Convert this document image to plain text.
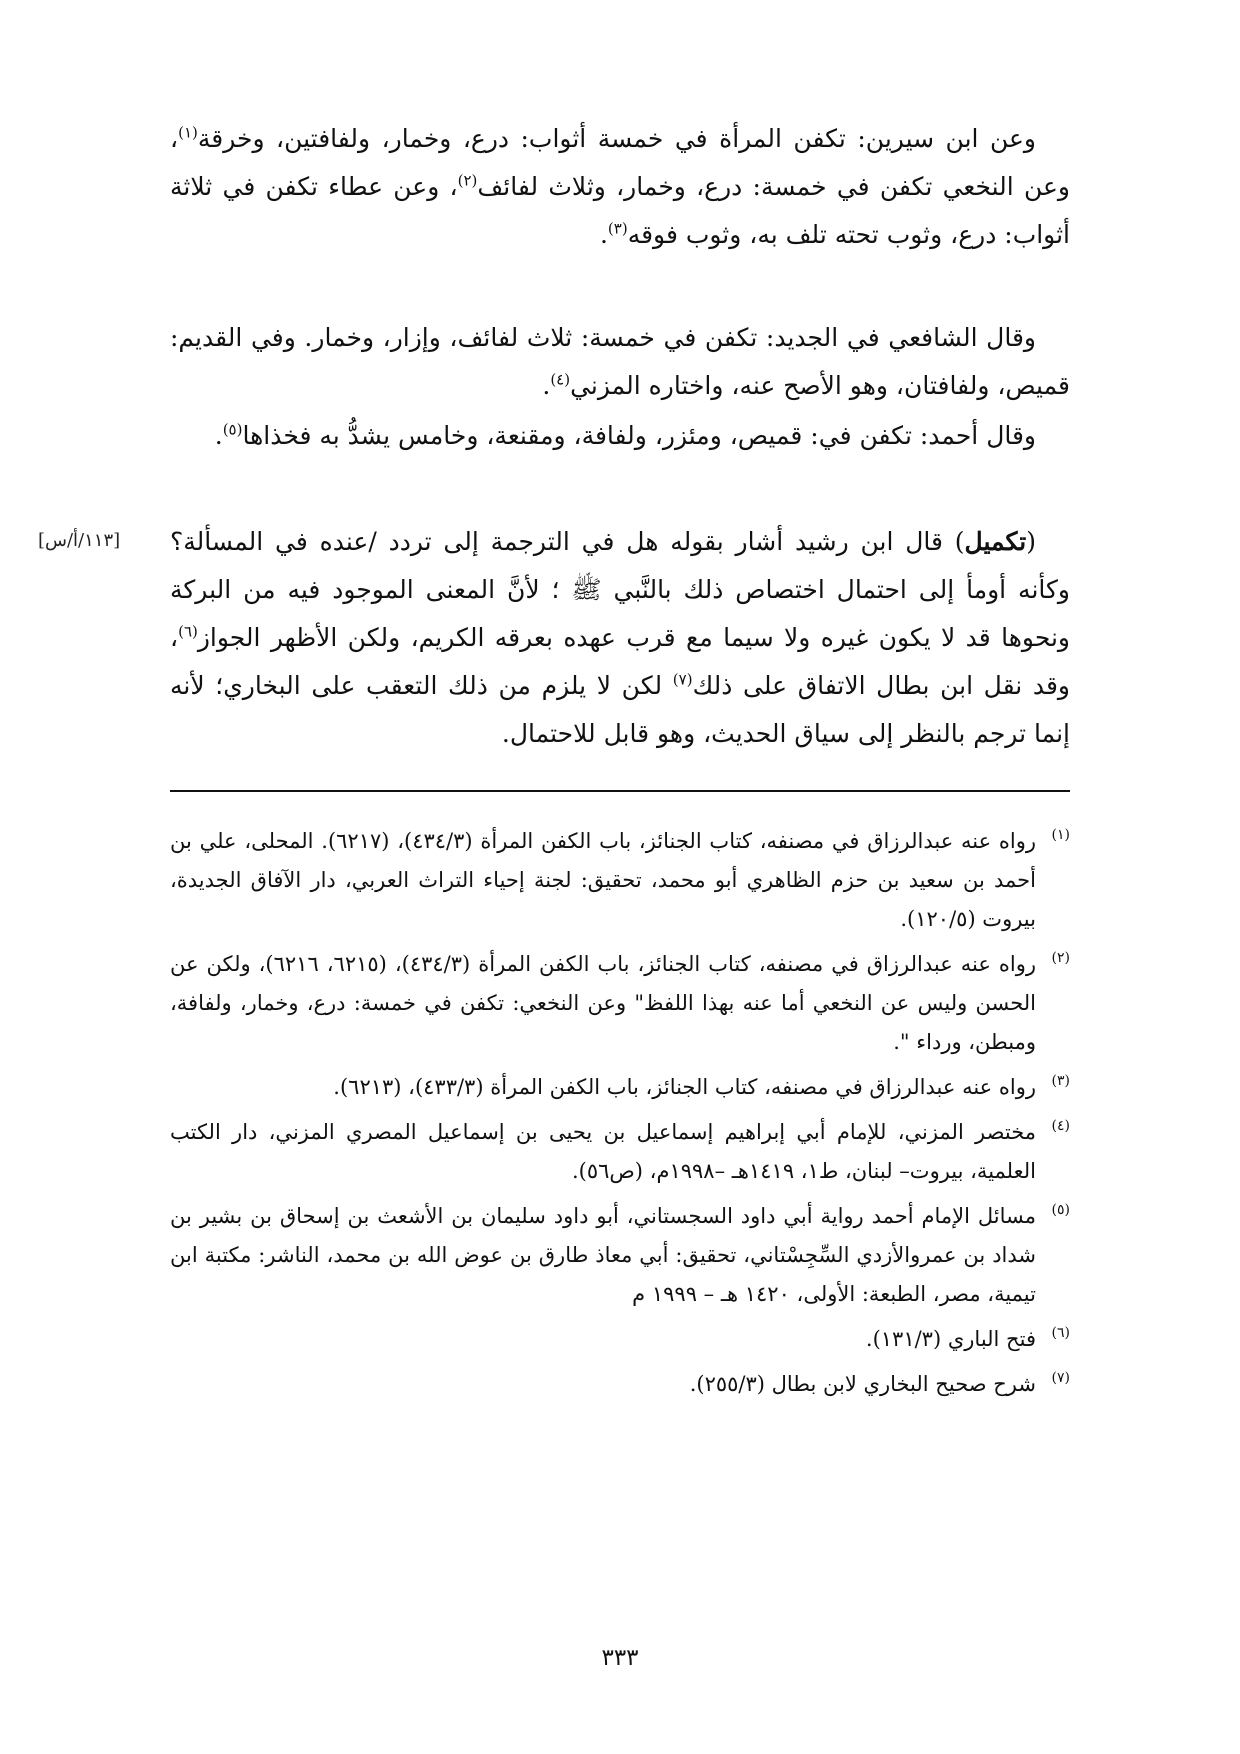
وعن ابن سيرين: تكفن المرأة في خمسة أثواب: درع، وخمار، ولفافتين، وخرقة$^{(١)}$، وعن النخعي تكفن في خمسة: درع، وخمار، وثلاث لفائف$^{(٢)}$، وعن عطاء تكفن في ثلاثة أثواب: درع، وثوب تحته تلف به، وثوب فوقه$^{(٣)}$.

وقال الشافعي في الجديد: تكفن في خمسة: ثلاث لفائف، وإزار، وخمار. وفي القديم: قميص، ولفافتان، وهو الأصح عنه، واختاره المزني$^{(٤)}$.

وقال أحمد: تكفن في: قميص، ومئزر، ولفافة، ومقنعة، وخامس يشدُّ به فخذاها$^{(٥)}$.

(تكميل) قال ابن رشيد أشار بقوله هل في الترجمة إلى تردد /عنده في المسألة؟ وكأنه أومأ إلى احتمال اختصاص ذلك بالنَّبي ﷺ ؛ لأنَّ المعنى الموجود فيه من البركة ونحوها قد لا يكون غيره ولا سيما مع قرب عهده بعرقه الكريم، ولكن الأظهر الجواز$^{(٦)}$، وقد نقل ابن بطال الاتفاق على ذلك$^{(٧)}$ لكن لا يلزم من ذلك التعقب على البخاري؛ لأنه إنما ترجم بالنظر إلى سياق الحديث، وهو قابل للاحتمال.

[١١٣/أ/س]
(١)
رواه عنه عبدالرزاق في مصنفه، كتاب الجنائز، باب الكفن المرأة (٤٣٤/٣)، (٦٢١٧). المحلى، علي بن أحمد بن سعيد بن حزم الظاهري أبو محمد، تحقيق: لجنة إحياء التراث العربي، دار الآفاق الجديدة، بيروت (١٢٠/٥).
(٢)
رواه عنه عبدالرزاق في مصنفه، كتاب الجنائز، باب الكفن المرأة (٤٣٤/٣)، (٦٢١٥، ٦٢١٦)، ولكن عن الحسن وليس عن النخعي أما عنه بهذا اللفظ" وعن النخعي: تكفن في خمسة: درع، وخمار، ولفافة، ومبطن، ورداء ".
(٣)
رواه عنه عبدالرزاق في مصنفه، كتاب الجنائز، باب الكفن المرأة (٤٣٣/٣)، (٦٢١٣).
(٤)
مختصر المزني، للإمام أبي إبراهيم إسماعيل بن يحيى بن إسماعيل المصري المزني، دار الكتب العلمية، بيروت– لبنان، ط١، ١٤١٩هـ –١٩٩٨م، (ص٥٦).
(٥)
مسائل الإمام أحمد رواية أبي داود السجستاني، أبو داود سليمان بن الأشعث بن إسحاق بن بشير بن شداد بن عمروالأزدي السِّجِسْتاني، تحقيق: أبي معاذ طارق بن عوض الله بن محمد، الناشر: مكتبة ابن تيمية، مصر، الطبعة: الأولى، ١٤٢٠ هـ – ١٩٩٩ م
(٦)
فتح الباري (١٣١/٣).
(٧)
شرح صحيح البخاري لابن بطال (٢٥٥/٣).
٣٣٣
